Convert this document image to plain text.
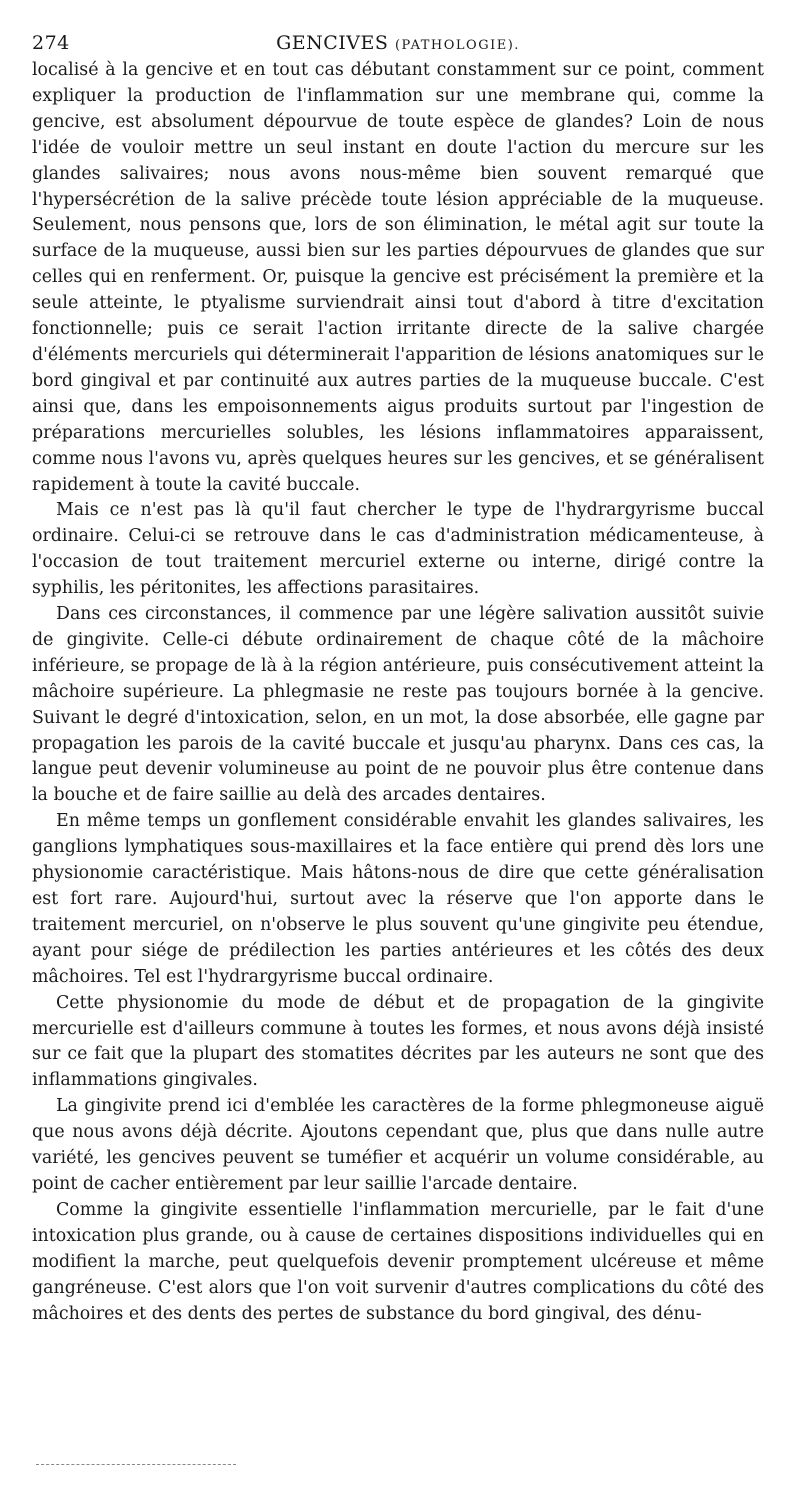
274	GENCIVES (PATHOLOGIE).

localisé à la gencive et en tout cas débutant constamment sur ce point, comment expliquer la production de l'inflammation sur une membrane qui, comme la gencive, est absolument dépourvue de toute espèce de glandes? Loin de nous l'idée de vouloir mettre un seul instant en doute l'action du mercure sur les glandes salivaires; nous avons nous-même bien souvent remarqué que l'hypersécrétion de la salive précède toute lésion appréciable de la muqueuse. Seulement, nous pensons que, lors de son élimination, le métal agit sur toute la surface de la muqueuse, aussi bien sur les parties dépourvues de glandes que sur celles qui en renferment. Or, puisque la gencive est précisément la première et la seule atteinte, le ptyalisme surviendrait ainsi tout d'abord à titre d'excitation fonctionnelle; puis ce serait l'action irritante directe de la salive chargée d'éléments mercuriels qui déterminerait l'apparition de lésions anatomiques sur le bord gingival et par continuité aux autres parties de la muqueuse buccale. C'est ainsi que, dans les empoisonnements aigus produits surtout par l'ingestion de préparations mercurielles solubles, les lésions inflammatoires apparaissent, comme nous l'avons vu, après quelques heures sur les gencives, et se généralisent rapidement à toute la cavité buccale.

Mais ce n'est pas là qu'il faut chercher le type de l'hydrargyrisme buccal ordinaire. Celui-ci se retrouve dans le cas d'administration médicamenteuse, à l'occasion de tout traitement mercuriel externe ou interne, dirigé contre la syphilis, les péritonites, les affections parasitaires.

Dans ces circonstances, il commence par une légère salivation aussitôt suivie de gingivite. Celle-ci débute ordinairement de chaque côté de la mâchoire inférieure, se propage de là à la région antérieure, puis consécutivement atteint la mâchoire supérieure. La phlegmasie ne reste pas toujours bornée à la gencive. Suivant le degré d'intoxication, selon, en un mot, la dose absorbée, elle gagne par propagation les parois de la cavité buccale et jusqu'au pharynx. Dans ces cas, la langue peut devenir volumineuse au point de ne pouvoir plus être contenue dans la bouche et de faire saillie au delà des arcades dentaires.

En même temps un gonflement considérable envahit les glandes salivaires, les ganglions lymphatiques sous-maxillaires et la face entière qui prend dès lors une physionomie caractéristique. Mais hâtons-nous de dire que cette généralisation est fort rare. Aujourd'hui, surtout avec la réserve que l'on apporte dans le traitement mercuriel, on n'observe le plus souvent qu'une gingivite peu étendue, ayant pour siége de prédilection les parties antérieures et les côtés des deux mâchoires. Tel est l'hydrargyrisme buccal ordinaire.

Cette physionomie du mode de début et de propagation de la gingivite mercurielle est d'ailleurs commune à toutes les formes, et nous avons déjà insisté sur ce fait que la plupart des stomatites décrites par les auteurs ne sont que des inflammations gingivales.

La gingivite prend ici d'emblée les caractères de la forme phlegmoneuse aiguë que nous avons déjà décrite. Ajoutons cependant que, plus que dans nulle autre variété, les gencives peuvent se tuméfier et acquérir un volume considérable, au point de cacher entièrement par leur saillie l'arcade dentaire.

Comme la gingivite essentielle l'inflammation mercurielle, par le fait d'une intoxication plus grande, ou à cause de certaines dispositions individuelles qui en modifient la marche, peut quelquefois devenir promptement ulcéreuse et même gangréneuse. C'est alors que l'on voit survenir d'autres complications du côté des mâchoires et des dents des pertes de substance du bord gingival, des dénu-
